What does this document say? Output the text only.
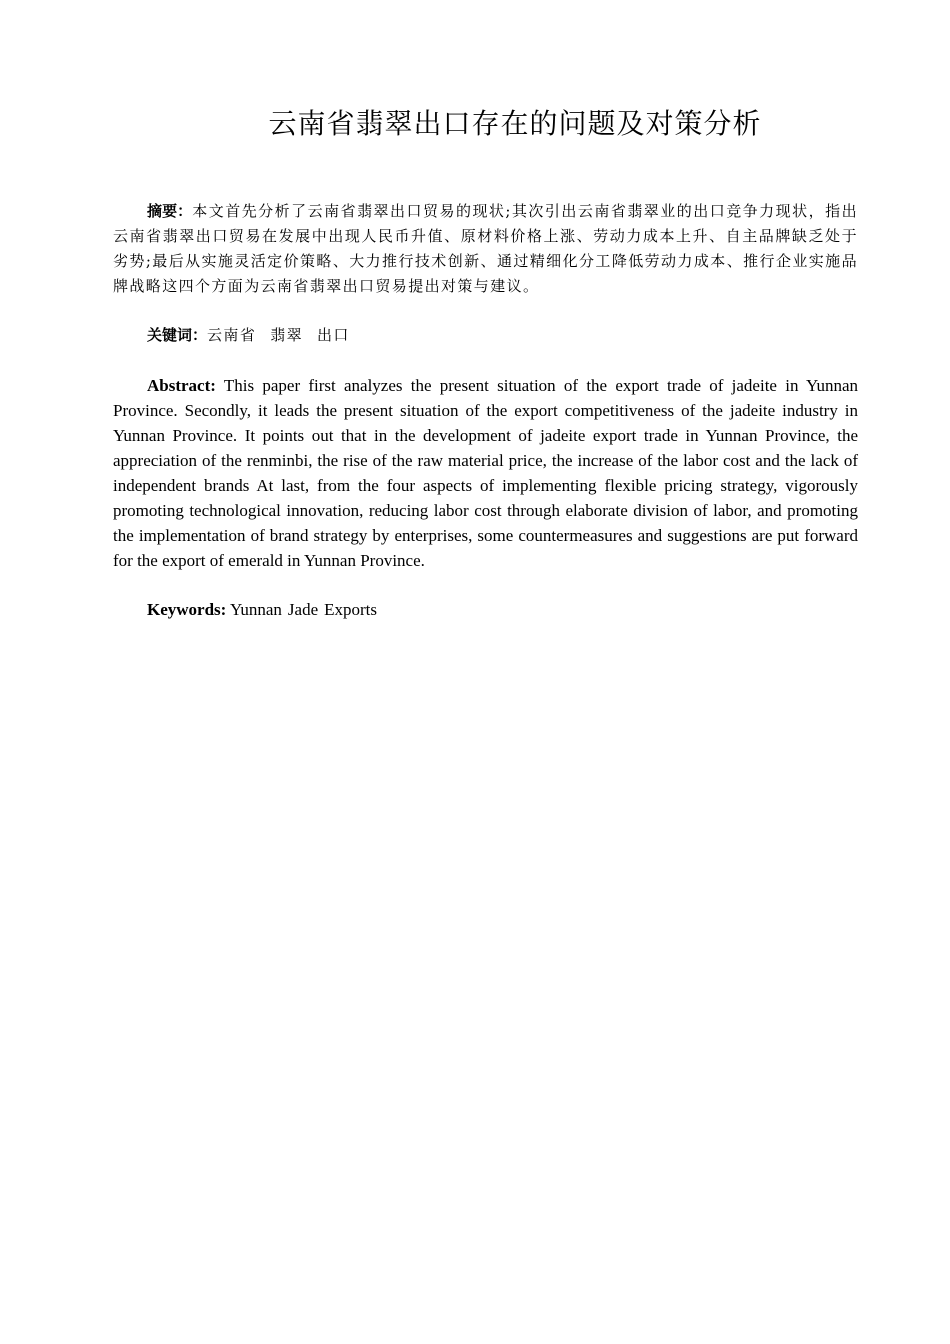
云南省翡翠出口存在的问题及对策分析

摘要：本文首先分析了云南省翡翠出口贸易的现状;其次引出云南省翡翠业的出口竞争力现状，指出云南省翡翠出口贸易在发展中出现人民币升值、原材料价格上涨、劳动力成本上升、自主品牌缺乏处于劣势;最后从实施灵活定价策略、大力推行技术创新、通过精细化分工降低劳动力成本、推行企业实施品牌战略这四个方面为云南省翡翠出口贸易提出对策与建议。

关键词：云南省 翡翠 出口

Abstract: This paper first analyzes the present situation of the export trade of jadeite in Yunnan Province. Secondly, it leads the present situation of the export competitiveness of the jadeite industry in Yunnan Province. It points out that in the development of jadeite export trade in Yunnan Province, the appreciation of the renminbi, the rise of the raw material price, the increase of the labor cost and the lack of independent brands At last, from the four aspects of implementing flexible pricing strategy, vigorously promoting technological innovation, reducing labor cost through elaborate division of labor, and promoting the implementation of brand strategy by enterprises, some countermeasures and suggestions are put forward for the export of emerald in Yunnan Province.

Keywords: Yunnan Jade Exports
